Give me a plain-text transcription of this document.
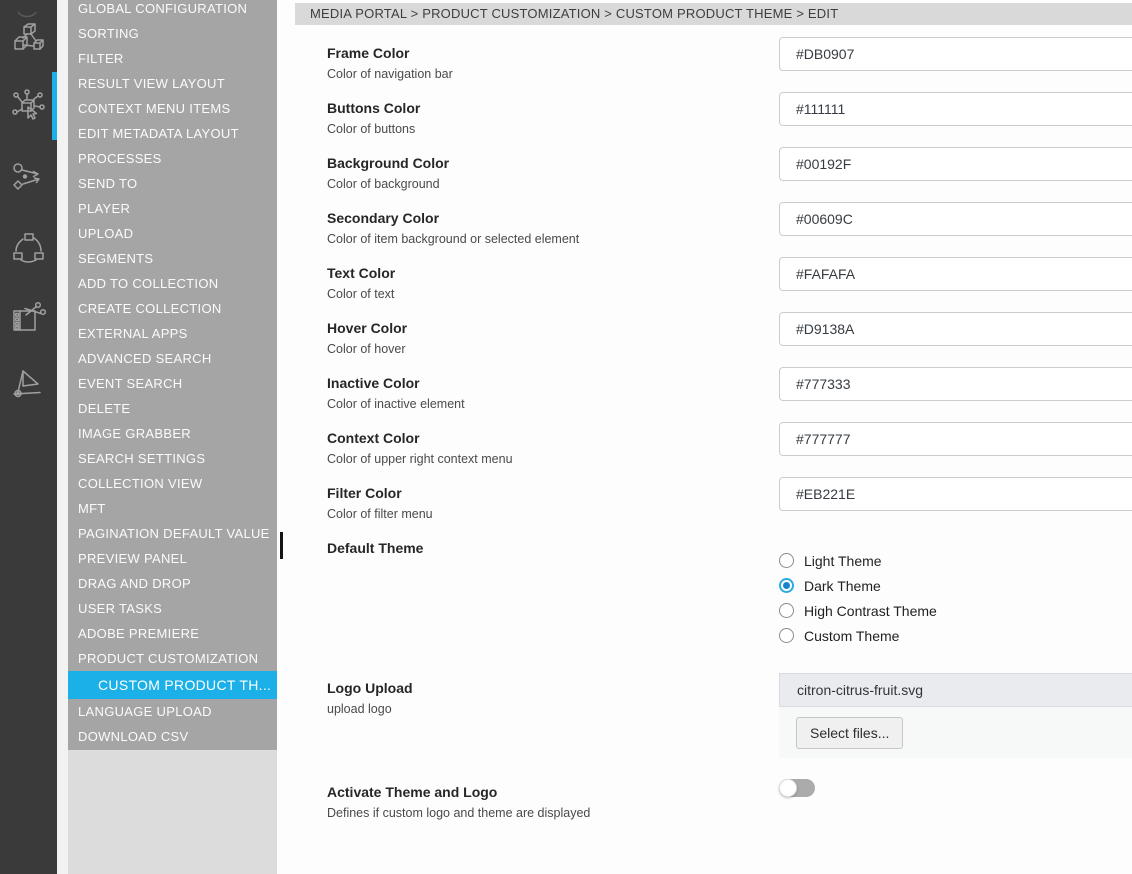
GLOBAL CONFIGURATION
SORTING
FILTER
RESULT VIEW LAYOUT
CONTEXT MENU ITEMS
EDIT METADATA LAYOUT
PROCESSES
SEND TO
PLAYER
UPLOAD
SEGMENTS
ADD TO COLLECTION
CREATE COLLECTION
EXTERNAL APPS
ADVANCED SEARCH
EVENT SEARCH
DELETE
IMAGE GRABBER
SEARCH SETTINGS
COLLECTION VIEW
MFT
PAGINATION DEFAULT VALUE
PREVIEW PANEL
DRAG AND DROP
USER TASKS
ADOBE PREMIERE
PRODUCT CUSTOMIZATION
CUSTOM PRODUCT TH...
LANGUAGE UPLOAD
DOWNLOAD CSV
MEDIA PORTAL > PRODUCT CUSTOMIZATION > CUSTOM PRODUCT THEME > EDIT
Frame Color
Color of navigation bar
#DB0907
Buttons Color
Color of buttons
#111111
Background Color
Color of background
#00192F
Secondary Color
Color of item background or selected element
#00609C
Text Color
Color of text
#FAFAFA
Hover Color
Color of hover
#D9138A
Inactive Color
Color of inactive element
#777333
Context Color
Color of upper right context menu
#777777
Filter Color
Color of filter menu
#EB221E
Default Theme
Light Theme
Dark Theme
High Contrast Theme
Custom Theme
Logo Upload
upload logo
citron-citrus-fruit.svg
Select files...
Activate Theme and Logo
Defines if custom logo and theme are displayed
